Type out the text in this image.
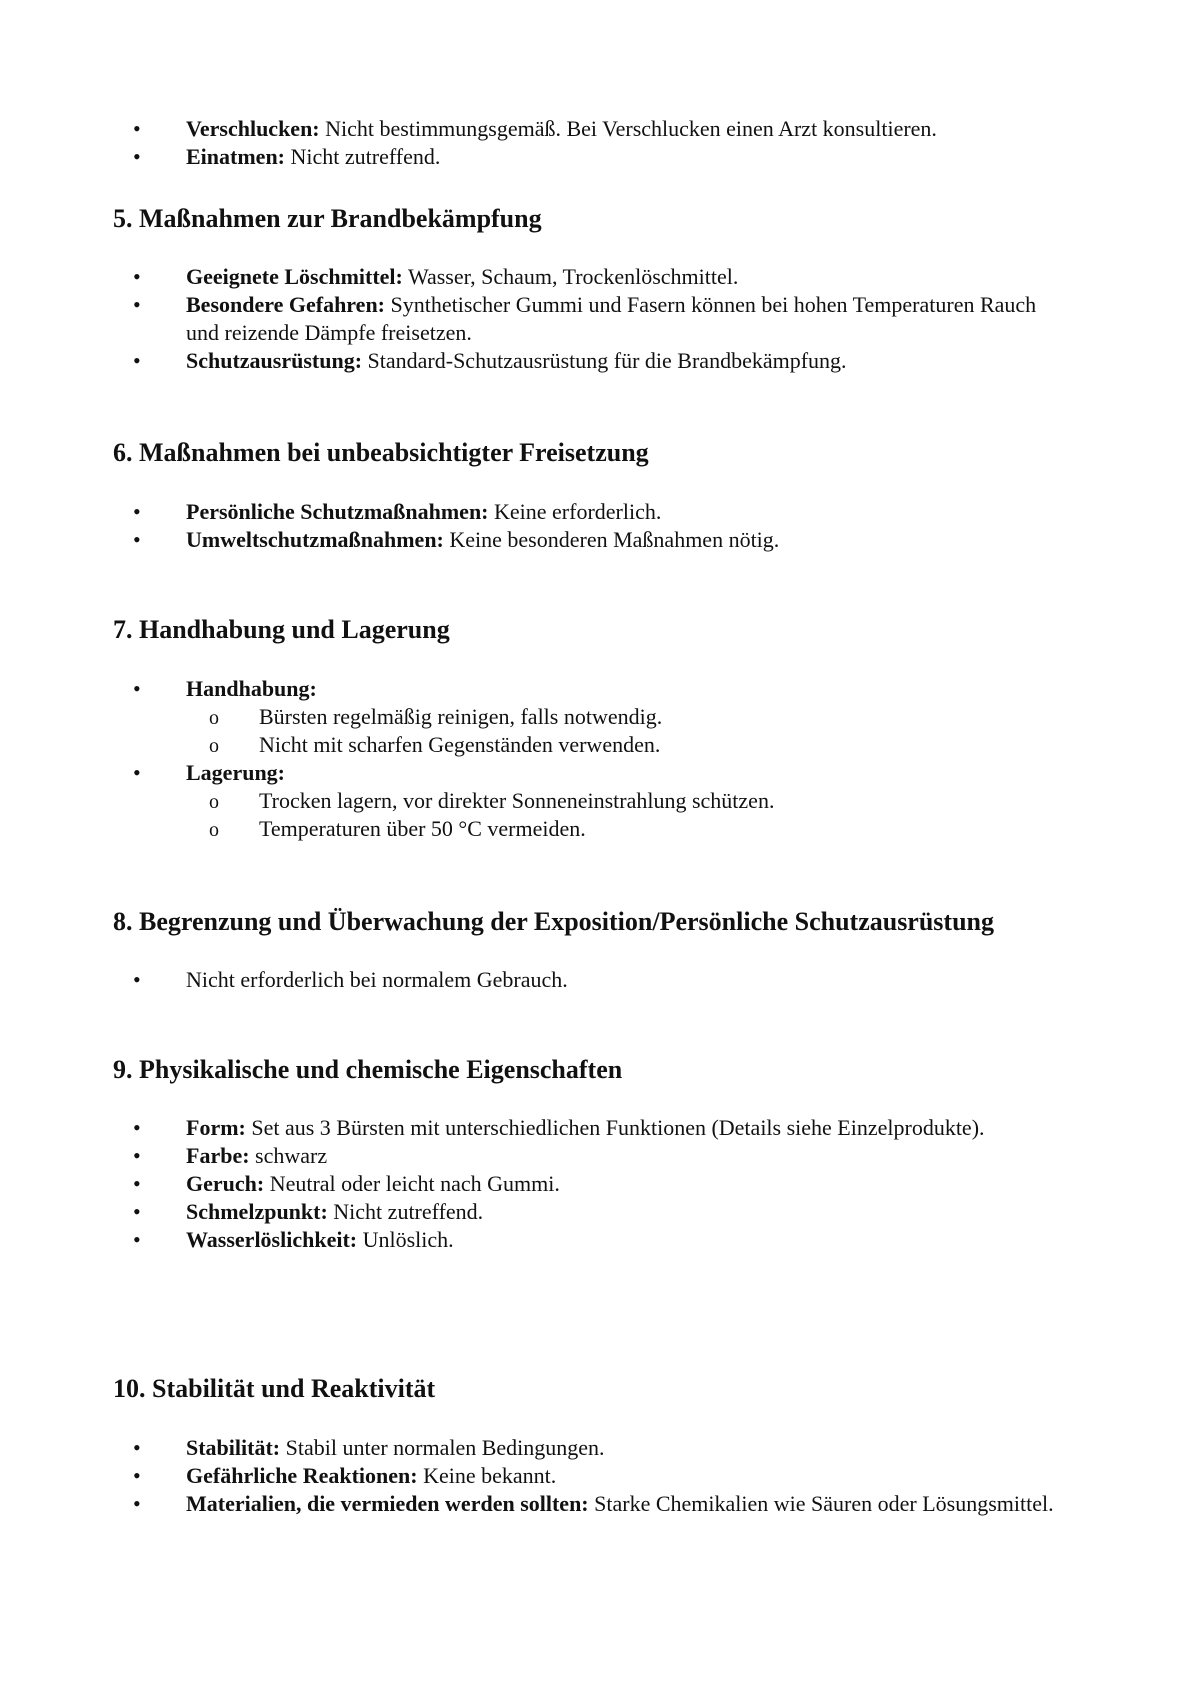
• Verschlucken: Nicht bestimmungsgemäß. Bei Verschlucken einen Arzt konsultieren.
• Einatmen: Nicht zutreffend.
5. Maßnahmen zur Brandbekämpfung
• Geeignete Löschmittel: Wasser, Schaum, Trockenlöschmittel.
• Besondere Gefahren: Synthetischer Gummi und Fasern können bei hohen Temperaturen Rauch und reizende Dämpfe freisetzen.
• Schutzausrüstung: Standard-Schutzausrüstung für die Brandbekämpfung.
6. Maßnahmen bei unbeabsichtigter Freisetzung
• Persönliche Schutzmaßnahmen: Keine erforderlich.
• Umweltschutzmaßnahmen: Keine besonderen Maßnahmen nötig.
7. Handhabung und Lagerung
• Handhabung:
o Bürsten regelmäßig reinigen, falls notwendig.
o Nicht mit scharfen Gegenständen verwenden.
• Lagerung:
o Trocken lagern, vor direkter Sonneneinstrahlung schützen.
o Temperaturen über 50 °C vermeiden.
8. Begrenzung und Überwachung der Exposition/Persönliche Schutzausrüstung
• Nicht erforderlich bei normalem Gebrauch.
9. Physikalische und chemische Eigenschaften
• Form: Set aus 3 Bürsten mit unterschiedlichen Funktionen (Details siehe Einzelprodukte).
• Farbe: schwarz
• Geruch: Neutral oder leicht nach Gummi.
• Schmelzpunkt: Nicht zutreffend.
• Wasserlöslichkeit: Unlöslich.
10. Stabilität und Reaktivität
• Stabilität: Stabil unter normalen Bedingungen.
• Gefährliche Reaktionen: Keine bekannt.
• Materialien, die vermieden werden sollten: Starke Chemikalien wie Säuren oder Lösungsmittel.
